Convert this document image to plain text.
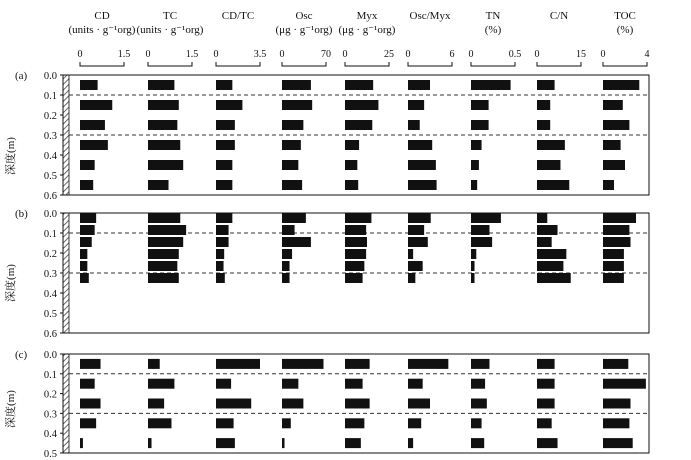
深度(m)
深度(m)
深度(m)
CD
(units · g⁻¹org)
0	1.5
TC
(units · g⁻¹org)
0	1.5
CD/TC
0	3.5
Osc
(μg · g⁻¹org)
0	70
Myx
(μg · g⁻¹org)
0	25
Osc/Myx
0	6
TN
(%)
0	0.5
C/N
0	15
TOC
(%)
0	4
(a) 0.0
0.1
0.2
0.3
0.4
0.5
0.6
(b) 0.0
0.1
0.2
0.3
0.4
0.5
0.6
(c) 0.0
0.1
0.2
0.3
0.4
0.5
